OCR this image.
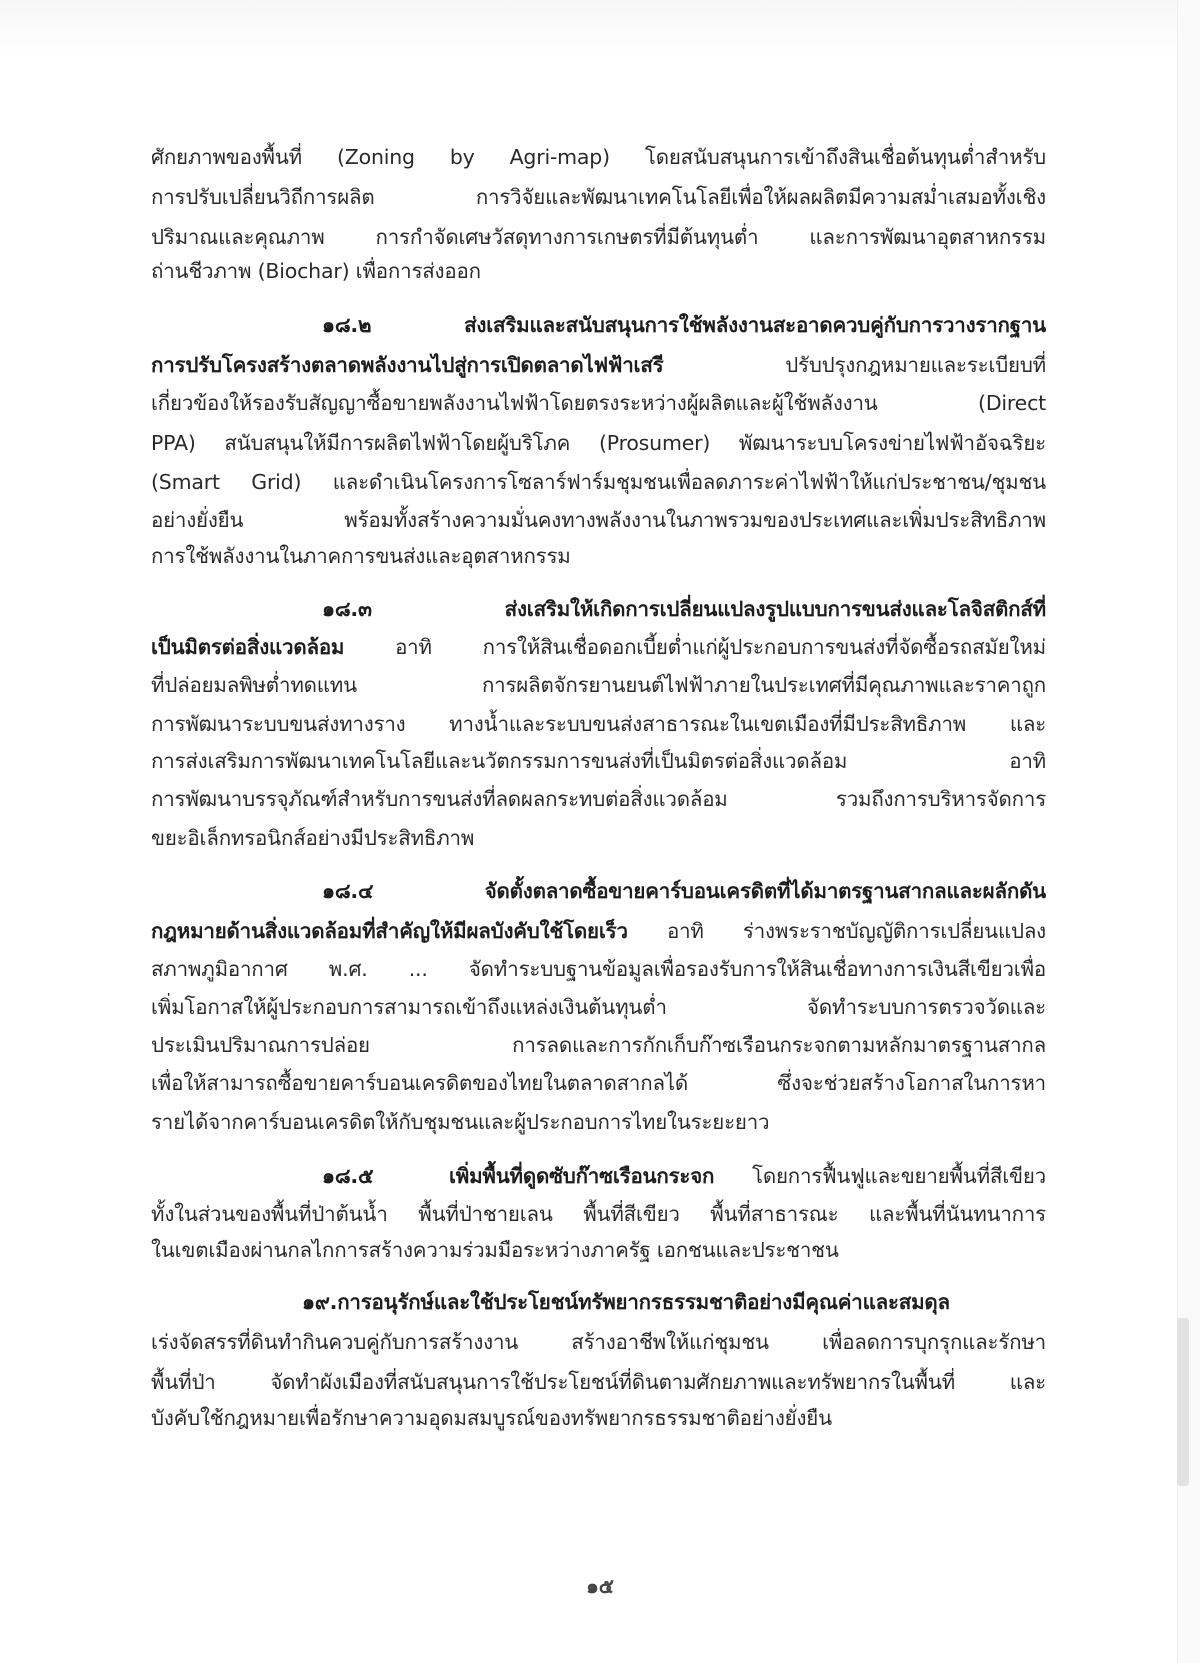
ศักยภาพของพื้นที่ (Zoning by Agri-map) โดยสนับสนุนการเข้าถึงสินเชื่อต้นทุนต่ำสำหรับ
การปรับเปลี่ยนวิถีการผลิต การวิจัยและพัฒนาเทคโนโลยีเพื่อให้ผลผลิตมีความสม่ำเสมอทั้งเชิง
ปริมาณและคุณภาพ การกำจัดเศษวัสดุทางการเกษตรที่มีต้นทุนต่ำ และการพัฒนาอุตสาหกรรม
ถ่านชีวภาพ (Biochar) เพื่อการส่งออก
๑๘.๒	ส่งเสริมและสนับสนุนการใช้พลังงานสะอาดควบคู่กับการวางรากฐาน
การปรับโครงสร้างตลาดพลังงานไปสู่การเปิดตลาดไฟฟ้าเสรี ปรับปรุงกฎหมายและระเบียบที่
เกี่ยวข้องให้รองรับสัญญาซื้อขายพลังงานไฟฟ้าโดยตรงระหว่างผู้ผลิตและผู้ใช้พลังงาน (Direct
PPA) สนับสนุนให้มีการผลิตไฟฟ้าโดยผู้บริโภค (Prosumer) พัฒนาระบบโครงข่ายไฟฟ้าอัจฉริยะ
(Smart Grid) และดำเนินโครงการโซลาร์ฟาร์มชุมชนเพื่อลดภาระค่าไฟฟ้าให้แก่ประชาชน/ชุมชน
อย่างยั่งยืน พร้อมทั้งสร้างความมั่นคงทางพลังงานในภาพรวมของประเทศและเพิ่มประสิทธิภาพ
การใช้พลังงานในภาคการขนส่งและอุตสาหกรรม
๑๘.๓	ส่งเสริมให้เกิดการเปลี่ยนแปลงรูปแบบการขนส่งและโลจิสติกส์ที่
เป็นมิตรต่อสิ่งแวดล้อม อาทิ การให้สินเชื่อดอกเบี้ยต่ำแก่ผู้ประกอบการขนส่งที่จัดซื้อรถสมัยใหม่
ที่ปล่อยมลพิษต่ำทดแทน การผลิตจักรยานยนต์ไฟฟ้าภายในประเทศที่มีคุณภาพและราคาถูก
การพัฒนาระบบขนส่งทางราง ทางน้ำและระบบขนส่งสาธารณะในเขตเมืองที่มีประสิทธิภาพ และ
การส่งเสริมการพัฒนาเทคโนโลยีและนวัตกรรมการขนส่งที่เป็นมิตรต่อสิ่งแวดล้อม อาทิ
การพัฒนาบรรจุภัณฑ์สำหรับการขนส่งที่ลดผลกระทบต่อสิ่งแวดล้อม รวมถึงการบริหารจัดการ
ขยะอิเล็กทรอนิกส์อย่างมีประสิทธิภาพ
๑๘.๔	จัดตั้งตลาดซื้อขายคาร์บอนเครดิตที่ได้มาตรฐานสากลและผลักดัน
กฎหมายด้านสิ่งแวดล้อมที่สำคัญให้มีผลบังคับใช้โดยเร็ว อาทิ ร่างพระราชบัญญัติการเปลี่ยนแปลง
สภาพภูมิอากาศ พ.ศ. ... จัดทำระบบฐานข้อมูลเพื่อรองรับการให้สินเชื่อทางการเงินสีเขียวเพื่อ
เพิ่มโอกาสให้ผู้ประกอบการสามารถเข้าถึงแหล่งเงินต้นทุนต่ำ จัดทำระบบการตรวจวัดและ
ประเมินปริมาณการปล่อย การลดและการกักเก็บก๊าซเรือนกระจกตามหลักมาตรฐานสากล
เพื่อให้สามารถซื้อขายคาร์บอนเครดิตของไทยในตลาดสากลได้ ซึ่งจะช่วยสร้างโอกาสในการหา
รายได้จากคาร์บอนเครดิตให้กับชุมชนและผู้ประกอบการไทยในระยะยาว
๑๘.๕	เพิ่มพื้นที่ดูดซับก๊าซเรือนกระจก โดยการฟื้นฟูและขยายพื้นที่สีเขียว
ทั้งในส่วนของพื้นที่ป่าต้นน้ำ พื้นที่ป่าชายเลน พื้นที่สีเขียว พื้นที่สาธารณะ และพื้นที่นันทนาการ
ในเขตเมืองผ่านกลไกการสร้างความร่วมมือระหว่างภาครัฐ เอกชนและประชาชน
๑๙.การอนุรักษ์และใช้ประโยชน์ทรัพยากรธรรมชาติอย่างมีคุณค่าและสมดุล
เร่งจัดสรรที่ดินทำกินควบคู่กับการสร้างงาน สร้างอาชีพให้แก่ชุมชน เพื่อลดการบุกรุกและรักษา
พื้นที่ป่า จัดทำผังเมืองที่สนับสนุนการใช้ประโยชน์ที่ดินตามศักยภาพและทรัพยากรในพื้นที่ และ
บังคับใช้กฎหมายเพื่อรักษาความอุดมสมบูรณ์ของทรัพยากรธรรมชาติอย่างยั่งยืน
๑๕
